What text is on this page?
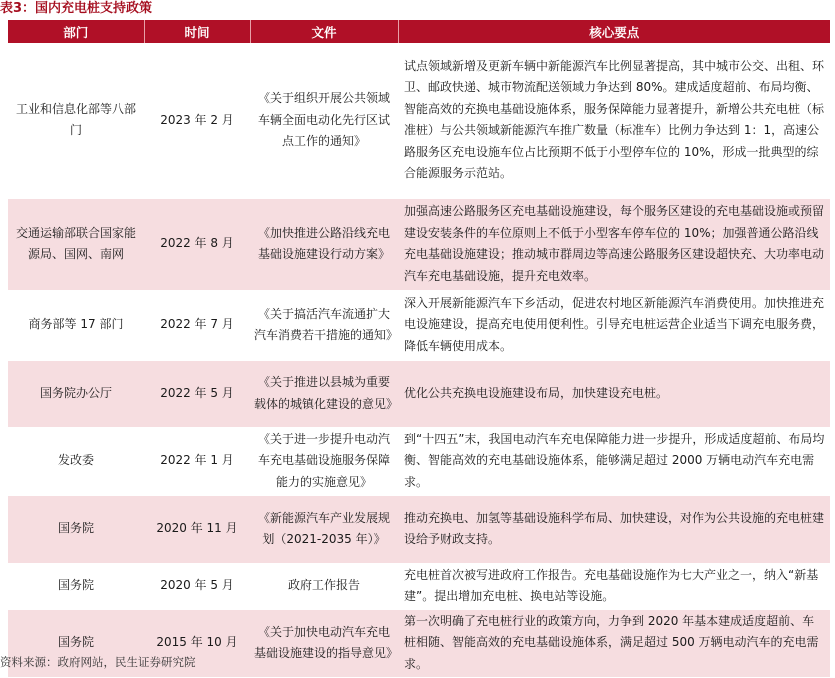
表3：国内充电桩支持政策
部门	时间	文件	核心要点
工业和信息化部等八部门	2023 年 2 月	《关于组织开展公共领域车辆全面电动化先行区试点工作的通知》	试点领域新增及更新车辆中新能源汽车比例显著提高，其中城市公交、出租、环卫、邮政快递、城市物流配送领域力争达到 80%。建成适度超前、布局均衡、智能高效的充换电基础设施体系，服务保障能力显著提升，新增公共充电桩（标准桩）与公共领域新能源汽车推广数量（标准车）比例力争达到 1：1，高速公路服务区充电设施车位占比预期不低于小型停车位的 10%，形成一批典型的综合能源服务示范站。
交通运输部联合国家能源局、国网、南网	2022 年 8 月	《加快推进公路沿线充电基础设施建设行动方案》	加强高速公路服务区充电基础设施建设，每个服务区建设的充电基础设施或预留建设安装条件的车位原则上不低于小型客车停车位的 10%；加强普通公路沿线充电基础设施建设；推动城市群周边等高速公路服务区建设超快充、大功率电动汽车充电基础设施，提升充电效率。
商务部等 17 部门	2022 年 7 月	《关于搞活汽车流通扩大汽车消费若干措施的通知》	深入开展新能源汽车下乡活动，促进农村地区新能源汽车消费使用。加快推进充电设施建设，提高充电使用便利性。引导充电桩运营企业适当下调充电服务费，降低车辆使用成本。
国务院办公厅	2022 年 5 月	《关于推进以县城为重要载体的城镇化建设的意见》	优化公共充换电设施建设布局，加快建设充电桩。
发改委	2022 年 1 月	《关于进一步提升电动汽车充电基础设施服务保障能力的实施意见》	到“十四五”末，我国电动汽车充电保障能力进一步提升，形成适度超前、布局均衡、智能高效的充电基础设施体系，能够满足超过 2000 万辆电动汽车充电需求。
国务院	2020 年 11 月	《新能源汽车产业发展规划（2021-2035 年）》	推动充换电、加氢等基础设施科学布局、加快建设，对作为公共设施的充电桩建设给予财政支持。
国务院	2020 年 5 月	政府工作报告	充电桩首次被写进政府工作报告。充电基础设施作为七大产业之一，纳入“新基建”。提出增加充电桩、换电站等设施。
国务院	2015 年 10 月	《关于加快电动汽车充电基础设施建设的指导意见》	第一次明确了充电桩行业的政策方向，力争到 2020 年基本建成适度超前、车桩相随、智能高效的充电基础设施体系，满足超过 500 万辆电动汽车的充电需求。
资料来源：政府网站，民生证券研究院
